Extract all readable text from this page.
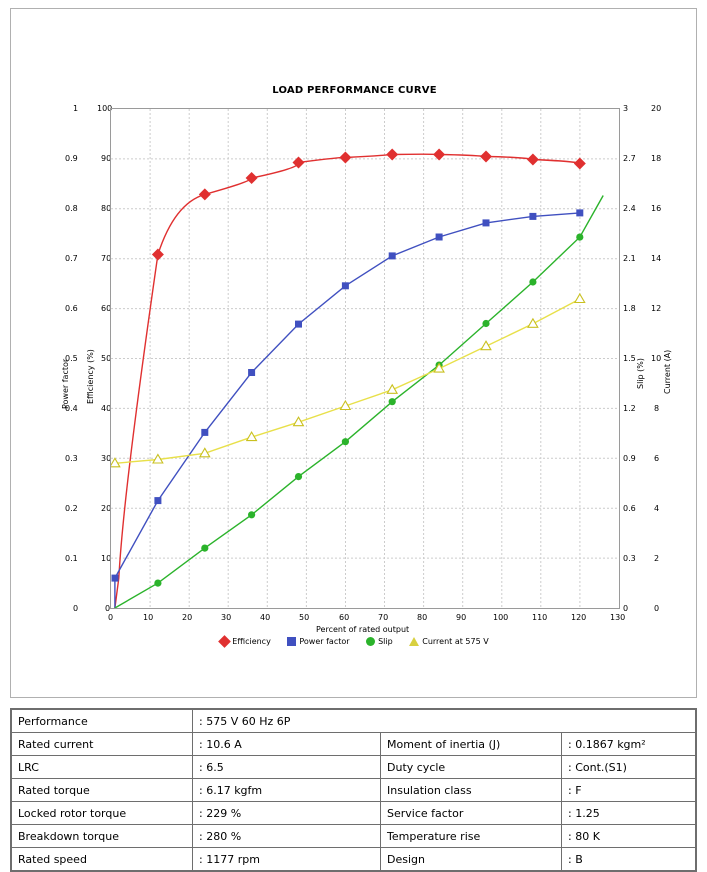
LOAD PERFORMANCE CURVE
Power factor Efficiency (%)	Slip (%) Current (A)
1
0.9
0.8
0.7
0.6
0.5
0.4
0.3
0.2
0.1
0
100
90
80
70
60
50
40
30
20
10
0
3
2.7
2.4
2.1
1.8
1.5
1.2
0.9
0.6
0.3
0
20
18
16
14
12
10
8
6
4
2
0
0	10	20	30	40	50	60	70	80	90	100	110	120	130
Percent of rated output
Efficiency	Power factor	Slip	Current at 575 V
Performance	: 575 V 60 Hz 6P		
Rated current	: 10.6 A	Moment of inertia (J)	: 0.1867 kgm²
LRC	: 6.5	Duty cycle	: Cont.(S1)
Rated torque	: 6.17 kgfm	Insulation class	: F
Locked rotor torque	: 229 %	Service factor	: 1.25
Breakdown torque	: 280 %	Temperature rise	: 80 K
Rated speed	: 1177 rpm	Design	: B
